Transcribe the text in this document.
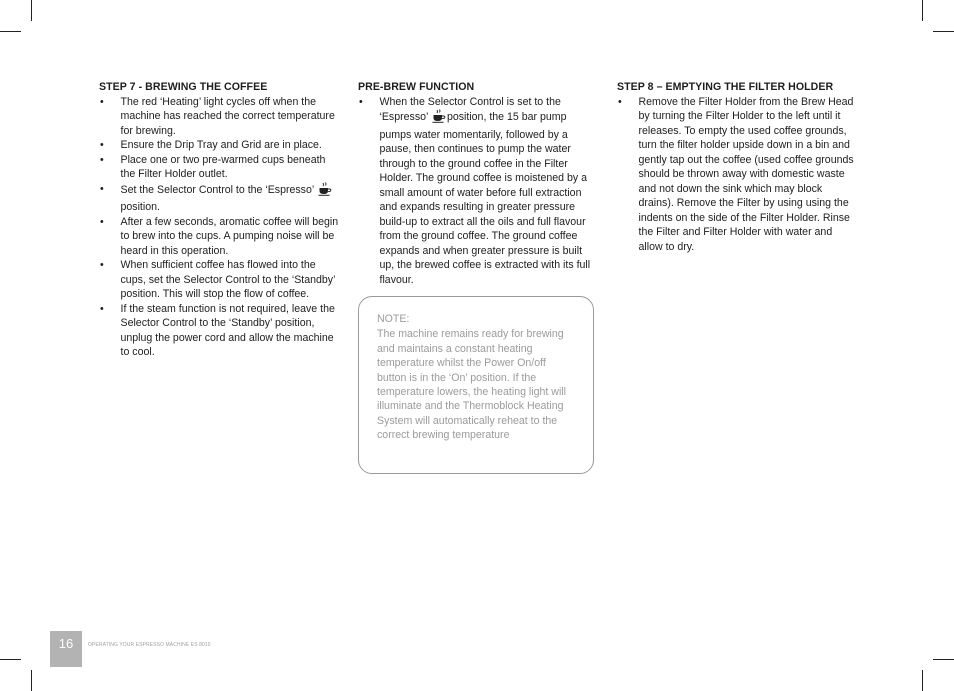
STEP 7 - BREWING THE COFFEE
• The red ‘Heating’ light cycles off when the machine has reached the correct temperature for brewing.
• Ensure the Drip Tray and Grid are in place.
• Place one or two pre-warmed cups beneath the Filter Holder outlet.
• Set the Selector Control to the ‘Espresso’ position.
• After a few seconds, aromatic coffee will begin to brew into the cups. A pumping noise will be heard in this operation.
• When sufficient coffee has flowed into the cups, set the Selector Control to the ‘Standby’ position. This will stop the flow of coffee.
• If the steam function is not required, leave the Selector Control to the ‘Standby’ position, unplug the power cord and allow the machine to cool.
PRE-BREW FUNCTION
• When the Selector Control is set to the ‘Espresso’ position, the 15 bar pump pumps water momentarily, followed by a pause, then continues to pump the water through to the ground coffee in the Filter Holder. The ground coffee is moistened by a small amount of water before full extraction and expands resulting in greater pressure build-up to extract all the oils and full flavour from the ground coffee. The ground coffee expands and when greater pressure is built up, the brewed coffee is extracted with its full flavour.
STEP 8 – EMPTYING THE FILTER HOLDER
• Remove the Filter Holder from the Brew Head by turning the Filter Holder to the left until it releases. To empty the used coffee grounds, turn the filter holder upside down in a bin and gently tap out the coffee (used coffee grounds should be thrown away with domestic waste and not down the sink which may block drains). Remove the Filter by using using the indents on the side of the Filter Holder. Rinse the Filter and Filter Holder with water and allow to dry.
NOTE:
The machine remains ready for brewing and maintains a constant heating temperature whilst the Power On/off button is in the ‘On’ position. If the temperature lowers, the heating light will illuminate and the Thermoblock Heating System will automatically reheat to the correct brewing temperature
16	OPERATING YOUR ESPRESSO MACHINE ES 8010
